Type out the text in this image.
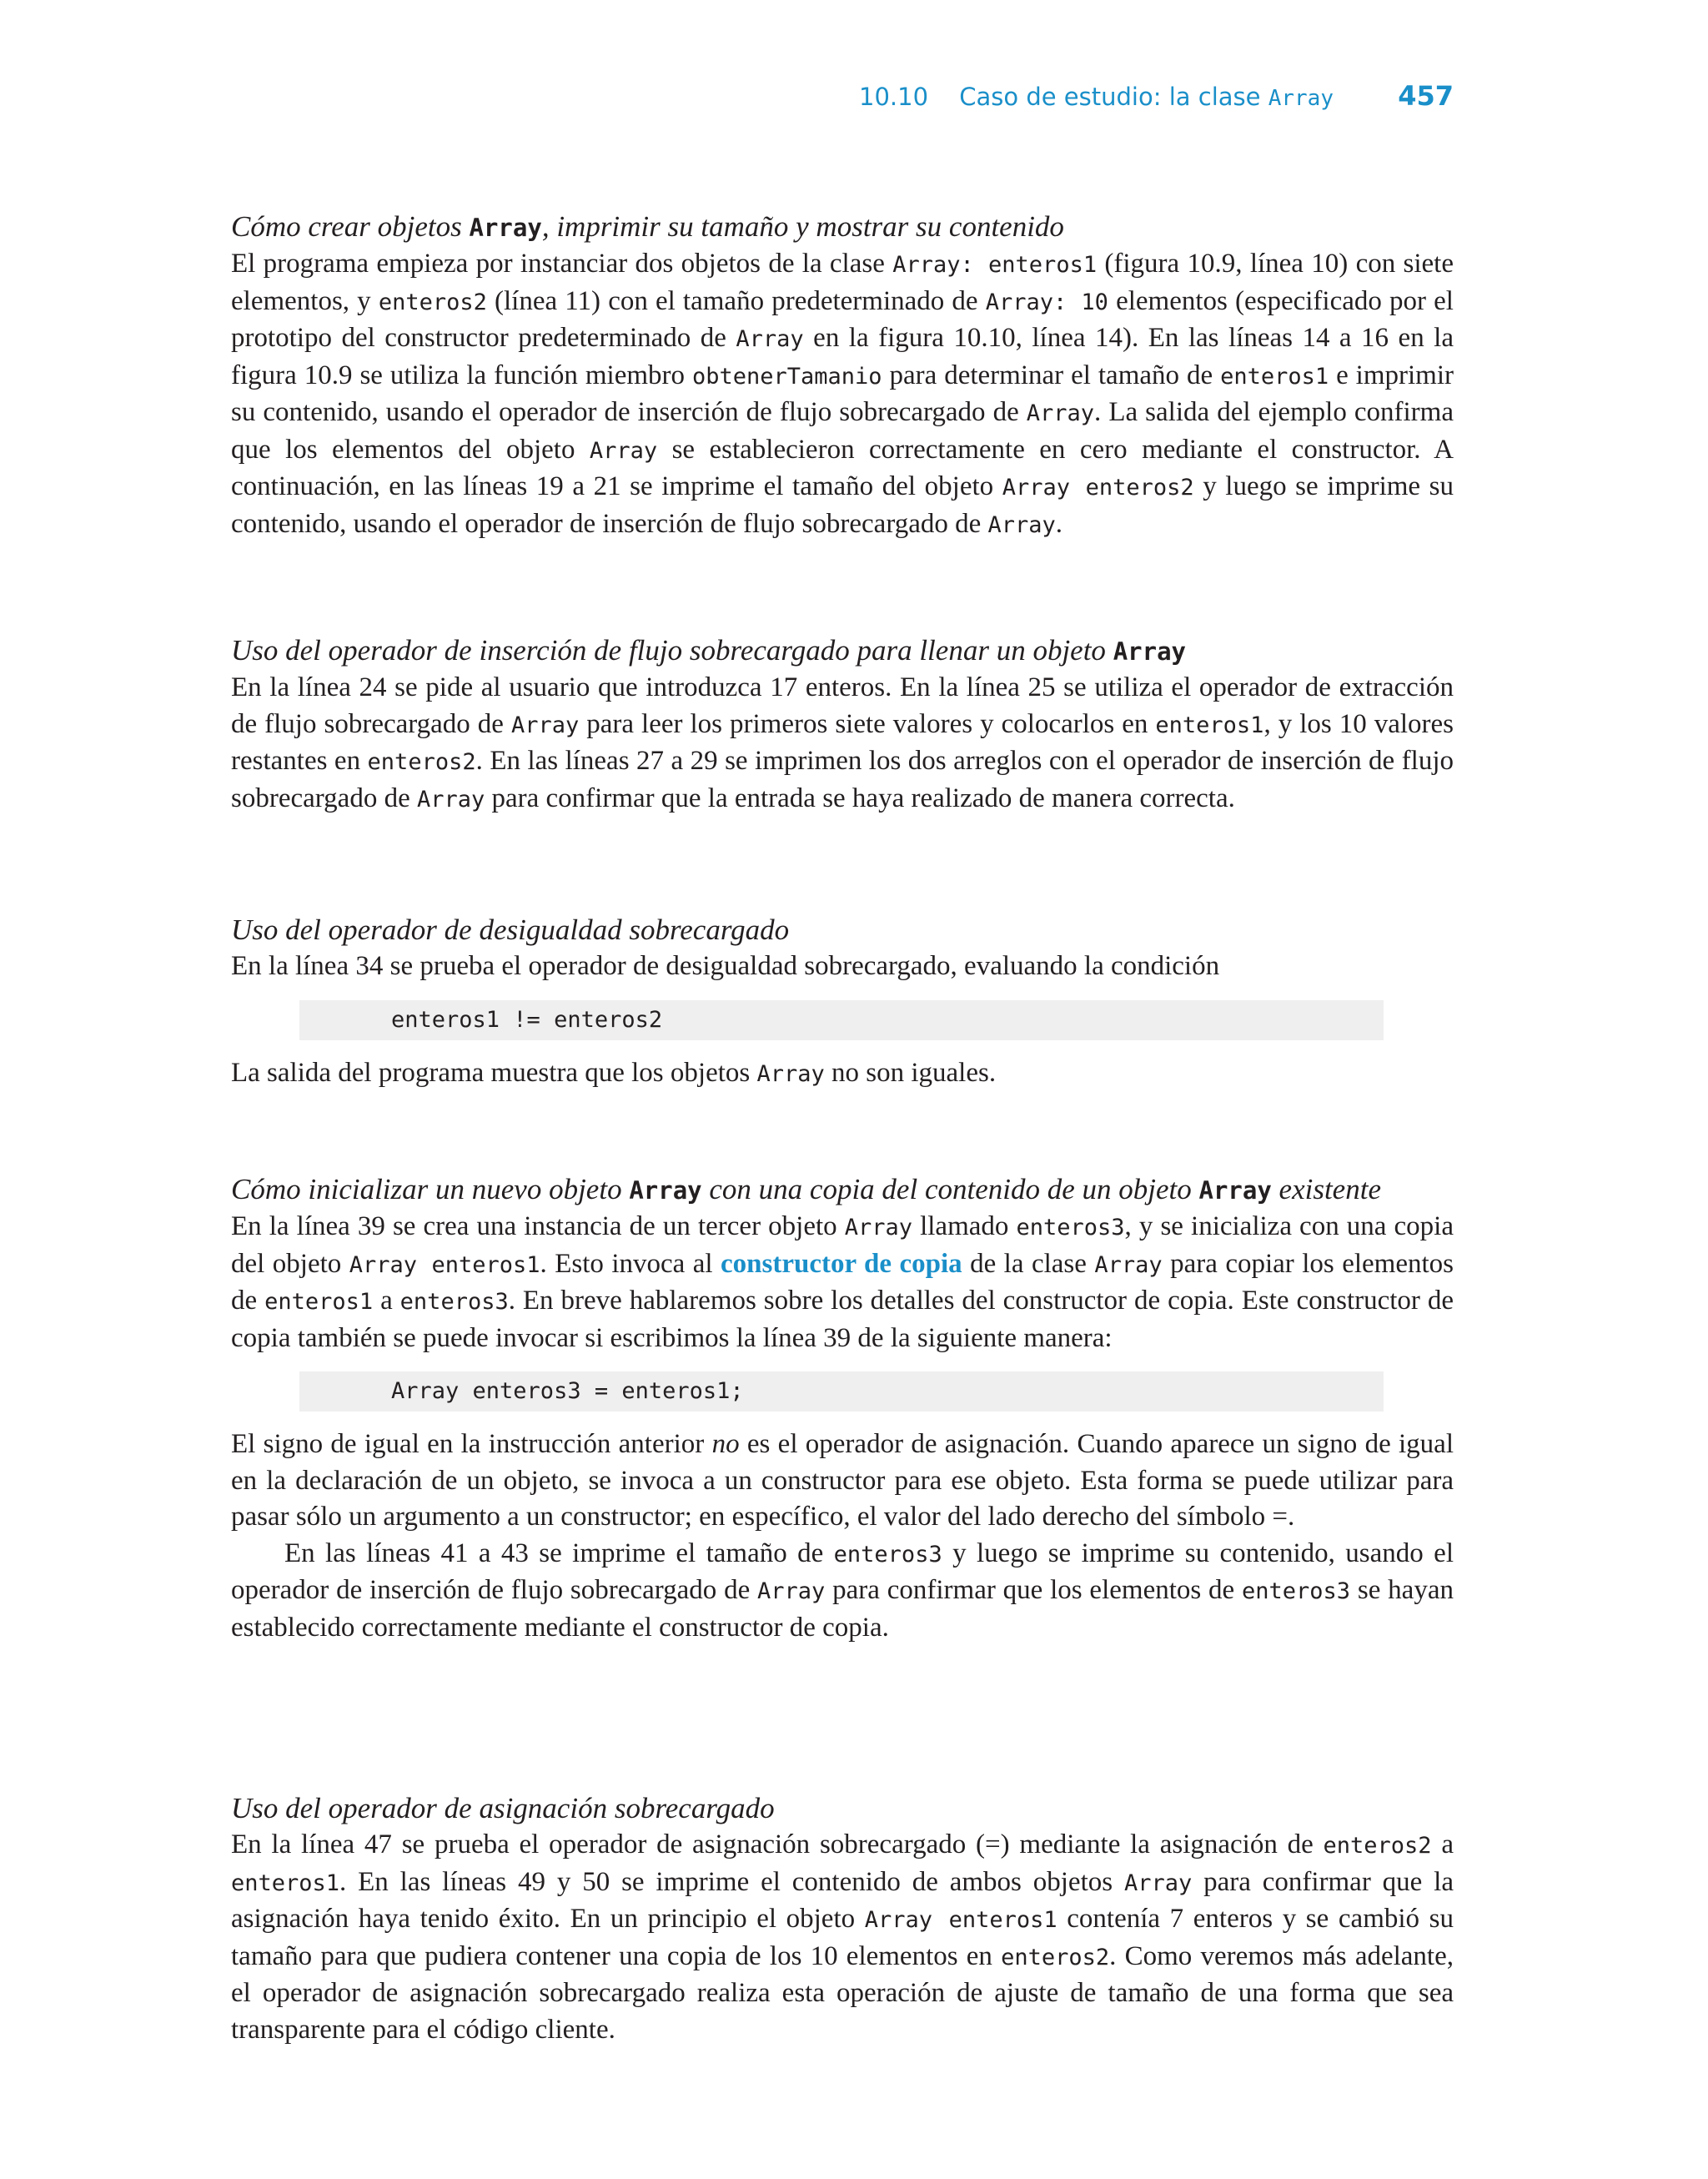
10.10 Caso de estudio: la clase Array 457
Cómo crear objetos Array, imprimir su tamaño y mostrar su contenido

El programa empieza por instanciar dos objetos de la clase Array: enteros1 (figura 10.9, línea 10) con siete elementos, y enteros2 (línea 11) con el tamaño predeterminado de Array: 10 elementos (especificado por el prototipo del constructor predeterminado de Array en la figura 10.10, línea 14). En las líneas 14 a 16 en la figura 10.9 se utiliza la función miembro obtenerTamanio para determinar el tamaño de enteros1 e imprimir su contenido, usando el operador de inserción de flujo sobrecargado de Array. La salida del ejemplo confirma que los elementos del objeto Array se establecieron correctamente en cero mediante el constructor. A continuación, en las líneas 19 a 21 se imprime el tamaño del objeto Array enteros2 y luego se imprime su contenido, usando el operador de inserción de flujo sobrecargado de Array.

Uso del operador de inserción de flujo sobrecargado para llenar un objeto Array

En la línea 24 se pide al usuario que introduzca 17 enteros. En la línea 25 se utiliza el operador de extracción de flujo sobrecargado de Array para leer los primeros siete valores y colocarlos en enteros1, y los 10 valores restantes en enteros2. En las líneas 27 a 29 se imprimen los dos arreglos con el operador de inserción de flujo sobrecargado de Array para confirmar que la entrada se haya realizado de manera correcta.

Uso del operador de desigualdad sobrecargado

En la línea 34 se prueba el operador de desigualdad sobrecargado, evaluando la condición

enteros1 != enteros2

La salida del programa muestra que los objetos Array no son iguales.

Cómo inicializar un nuevo objeto Array con una copia del contenido de un objeto Array existente

En la línea 39 se crea una instancia de un tercer objeto Array llamado enteros3, y se inicializa con una copia del objeto Array enteros1. Esto invoca al constructor de copia de la clase Array para copiar los elementos de enteros1 a enteros3. En breve hablaremos sobre los detalles del constructor de copia. Este constructor de copia también se puede invocar si escribimos la línea 39 de la siguiente manera:

Array enteros3 = enteros1;

El signo de igual en la instrucción anterior no es el operador de asignación. Cuando aparece un signo de igual en la declaración de un objeto, se invoca a un constructor para ese objeto. Esta forma se puede utilizar para pasar sólo un argumento a un constructor; en específico, el valor del lado derecho del símbolo =.

En las líneas 41 a 43 se imprime el tamaño de enteros3 y luego se imprime su contenido, usando el operador de inserción de flujo sobrecargado de Array para confirmar que los elementos de enteros3 se hayan establecido correctamente mediante el constructor de copia.

Uso del operador de asignación sobrecargado

En la línea 47 se prueba el operador de asignación sobrecargado (=) mediante la asignación de enteros2 a enteros1. En las líneas 49 y 50 se imprime el contenido de ambos objetos Array para confirmar que la asignación haya tenido éxito. En un principio el objeto Array enteros1 contenía 7 enteros y se cambió su tamaño para que pudiera contener una copia de los 10 elementos en enteros2. Como veremos más adelante, el operador de asignación sobrecargado realiza esta operación de ajuste de tamaño de una forma que sea transparente para el código cliente.
